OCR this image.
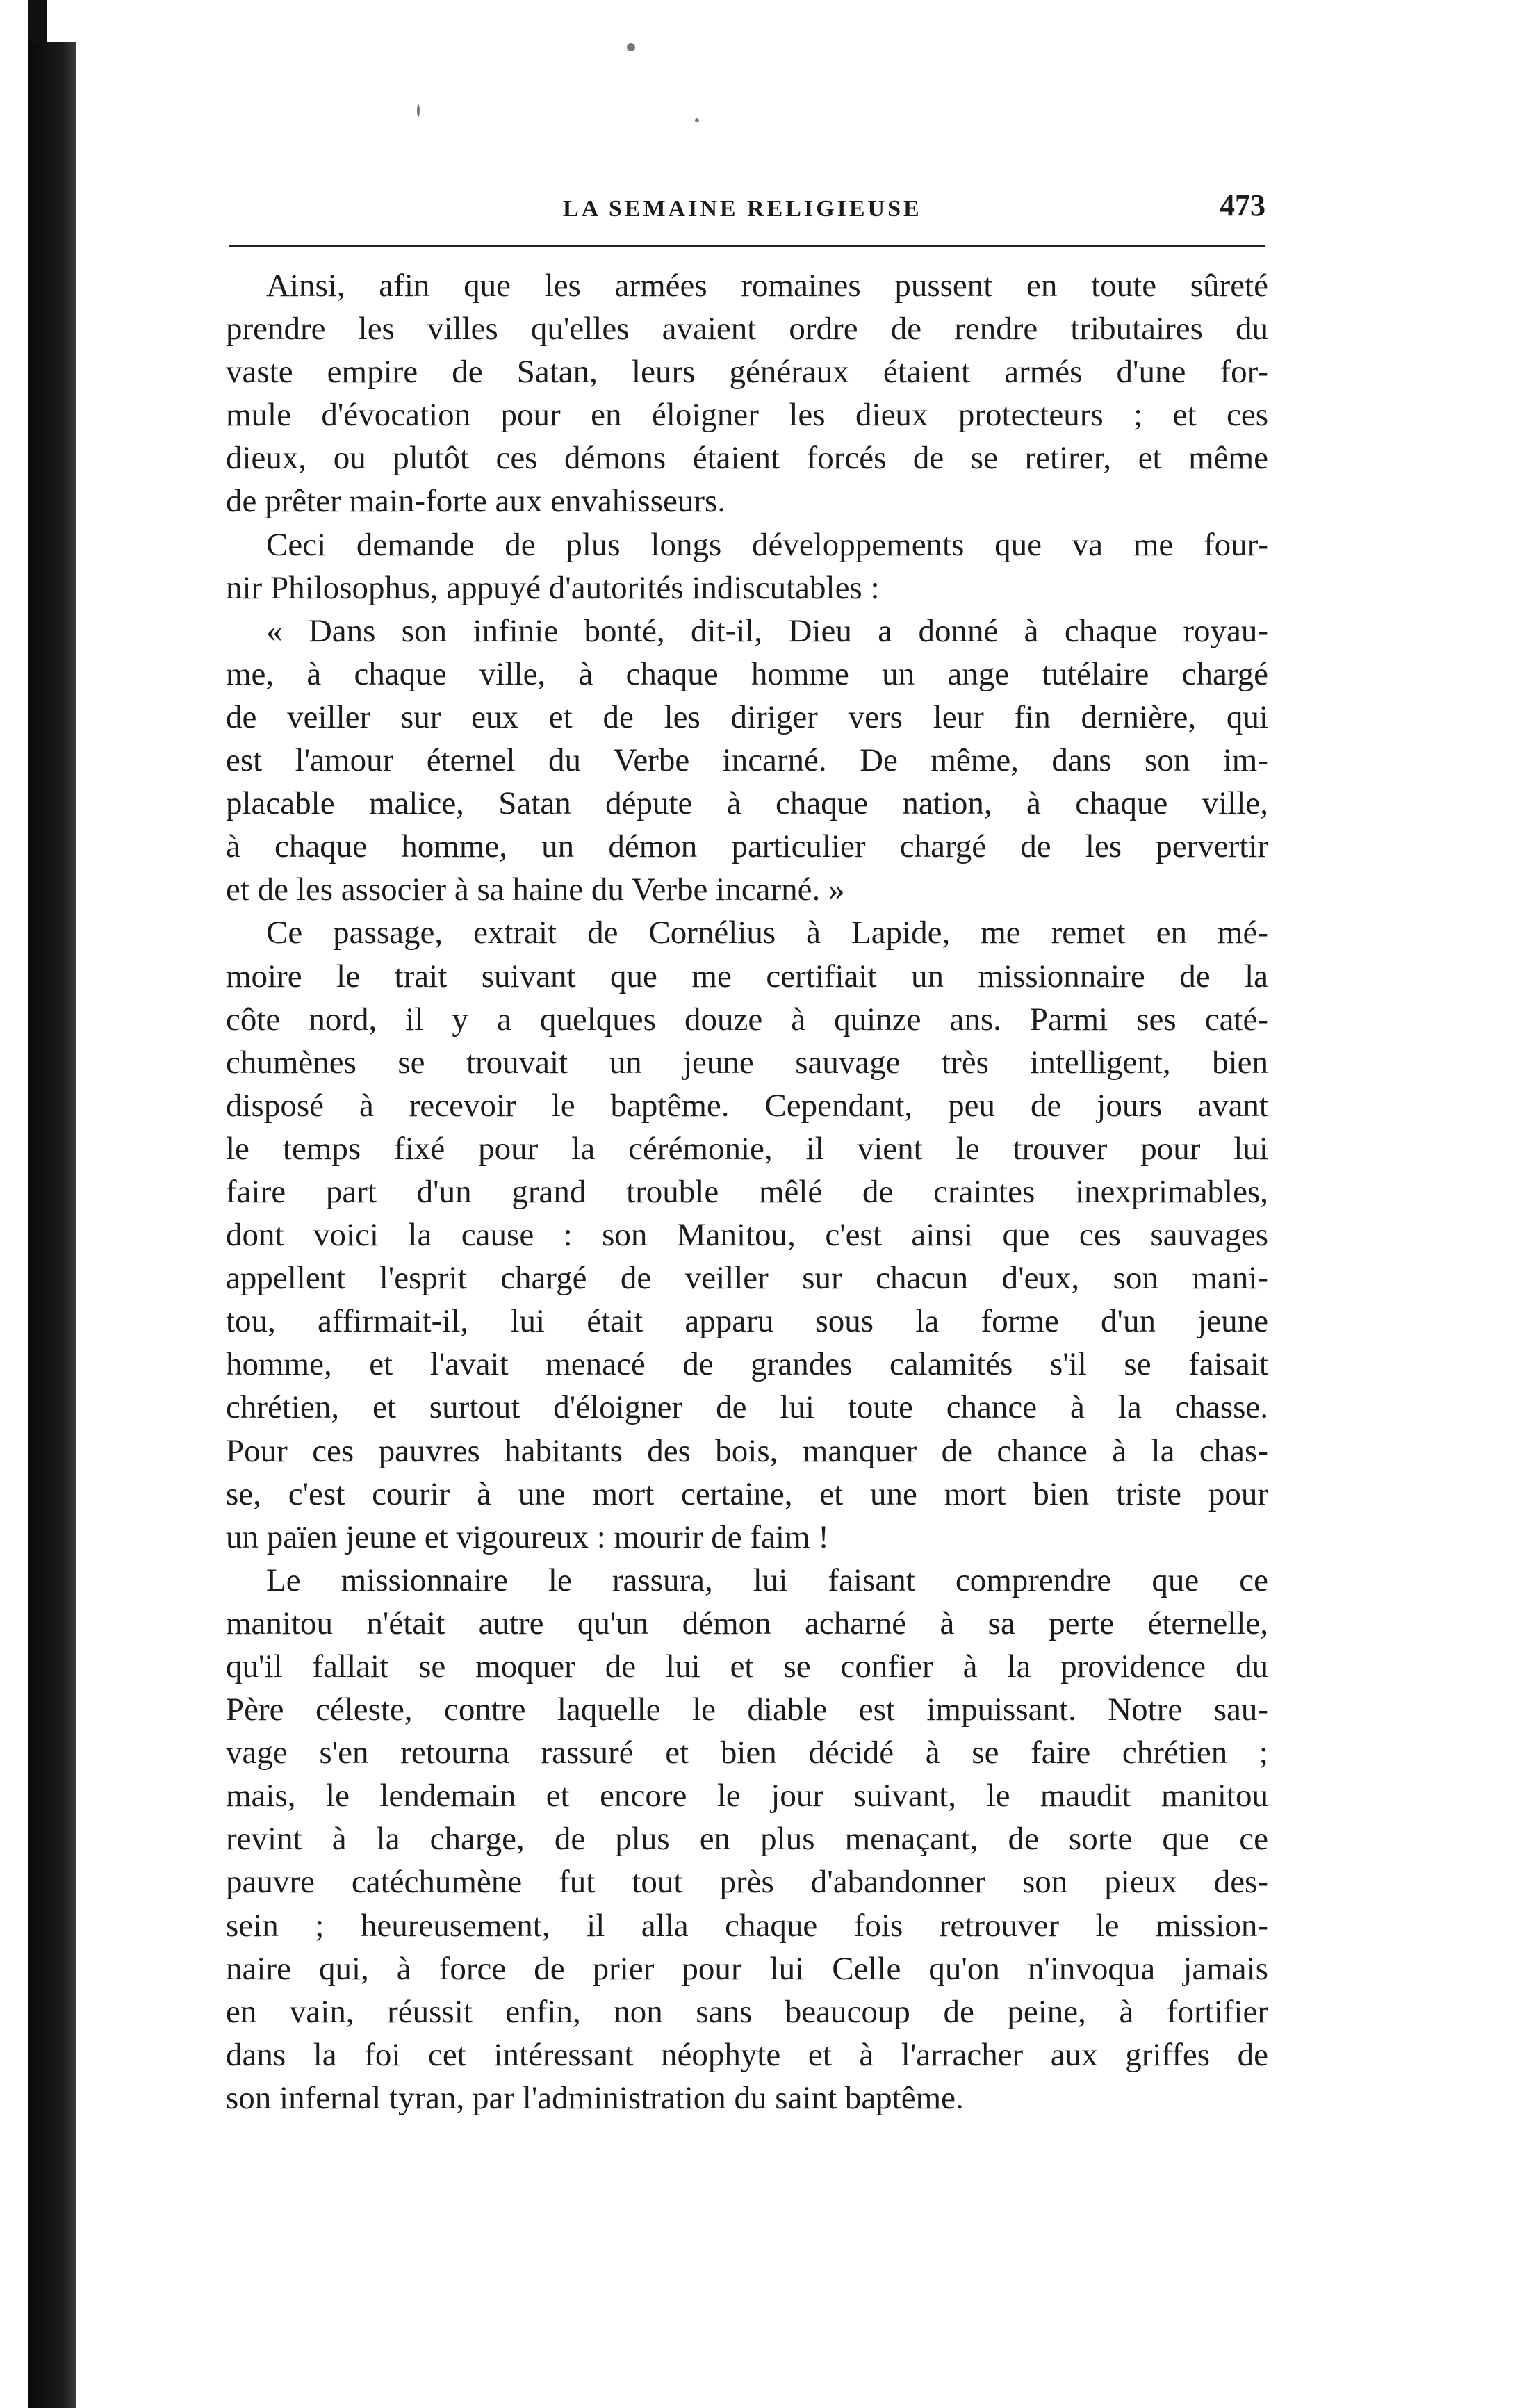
LA SEMAINE RELIGIEUSE	473
Ainsi, afin que les armées romaines pussent en toute sûreté
prendre les villes qu'elles avaient ordre de rendre tributaires du
vaste empire de Satan, leurs généraux étaient armés d'une for-
mule d'évocation pour en éloigner les dieux protecteurs ; et ces
dieux, ou plutôt ces démons étaient forcés de se retirer, et même
de prêter main-forte aux envahisseurs.
Ceci demande de plus longs développements que va me four-
nir Philosophus, appuyé d'autorités indiscutables :
« Dans son infinie bonté, dit-il, Dieu a donné à chaque royau-
me, à chaque ville, à chaque homme un ange tutélaire chargé
de veiller sur eux et de les diriger vers leur fin dernière, qui
est l'amour éternel du Verbe incarné. De même, dans son im-
placable malice, Satan députe à chaque nation, à chaque ville,
à chaque homme, un démon particulier chargé de les pervertir
et de les associer à sa haine du Verbe incarné. »
Ce passage, extrait de Cornélius à Lapide, me remet en mé-
moire le trait suivant que me certifiait un missionnaire de la
côte nord, il y a quelques douze à quinze ans. Parmi ses caté-
chumènes se trouvait un jeune sauvage très intelligent, bien
disposé à recevoir le baptême. Cependant, peu de jours avant
le temps fixé pour la cérémonie, il vient le trouver pour lui
faire part d'un grand trouble mêlé de craintes inexprimables,
dont voici la cause : son Manitou, c'est ainsi que ces sauvages
appellent l'esprit chargé de veiller sur chacun d'eux, son mani-
tou, affirmait-il, lui était apparu sous la forme d'un jeune
homme, et l'avait menacé de grandes calamités s'il se faisait
chrétien, et surtout d'éloigner de lui toute chance à la chasse.
Pour ces pauvres habitants des bois, manquer de chance à la chas-
se, c'est courir à une mort certaine, et une mort bien triste pour
un païen jeune et vigoureux : mourir de faim !
Le missionnaire le rassura, lui faisant comprendre que ce
manitou n'était autre qu'un démon acharné à sa perte éternelle,
qu'il fallait se moquer de lui et se confier à la providence du
Père céleste, contre laquelle le diable est impuissant. Notre sau-
vage s'en retourna rassuré et bien décidé à se faire chrétien ;
mais, le lendemain et encore le jour suivant, le maudit manitou
revint à la charge, de plus en plus menaçant, de sorte que ce
pauvre catéchumène fut tout près d'abandonner son pieux des-
sein ; heureusement, il alla chaque fois retrouver le mission-
naire qui, à force de prier pour lui Celle qu'on n'invoqua jamais
en vain, réussit enfin, non sans beaucoup de peine, à fortifier
dans la foi cet intéressant néophyte et à l'arracher aux griffes de
son infernal tyran, par l'administration du saint baptême.
